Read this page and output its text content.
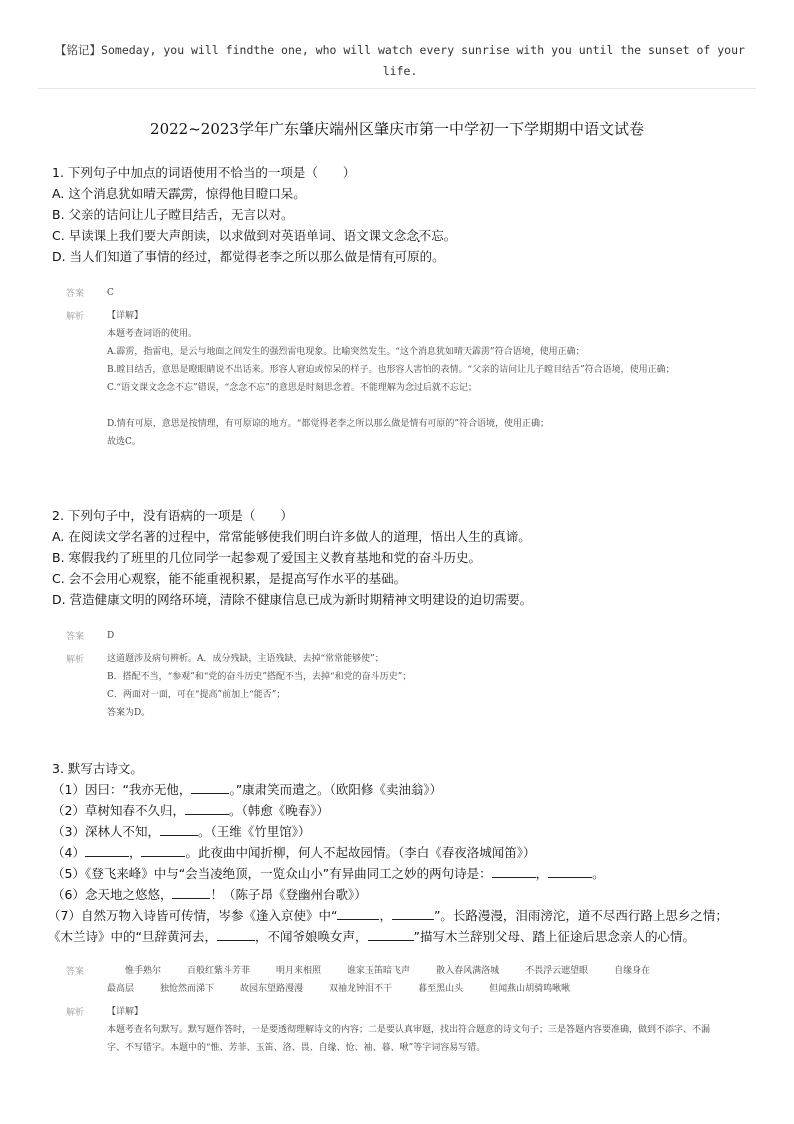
【铭记】Someday, you will findthe one, who will watch every sunrise with you until the sunset of your
life.
2022~2023学年广东肇庆端州区肇庆市第一中学初一下学期期中语文试卷
1. 下列句子中加点的词语使用不恰当的一项是（　　）
A. 这个消息犹如晴天霹雳，惊得他目瞪口呆。
B. 父亲的诘问让儿子瞠目结舌，无言以对。
C. 早读课上我们要大声朗读，以求做到对英语单词、语文课文念念不忘。
D. 当人们知道了事情的经过，都觉得老李之所以那么做是情有可原的。
答案	C
解析	【详解】
本题考查词语的使用。
A.霹雳，指雷电，是云与地面之间发生的强烈雷电现象。比喻突然发生。“这个消息犹如晴天霹雳”符合语境，使用正确；
B.瞠目结舌，意思是瞪眼睛说不出话来。形容人窘迫或惊呆的样子。也形容人害怕的表情。“父亲的诘问让儿子瞠目结舌”符合语境，使用正确；
C.“语文课文念念不忘”错误，“念念不忘”的意思是时刻思念着。不能理解为念过后就不忘记；
D.情有可原，意思是按情理，有可原谅的地方。“都觉得老李之所以那么做是情有可原的”符合语境，使用正确；
故选C。
2. 下列句子中，没有语病的一项是（　　）
A. 在阅读文学名著的过程中，常常能够使我们明白许多做人的道理，悟出人生的真谛。
B. 寒假我约了班里的几位同学一起参观了爱国主义教育基地和党的奋斗历史。
C. 会不会用心观察，能不能重视积累，是提高写作水平的基础。
D. 营造健康文明的网络环境，清除不健康信息已成为新时期精神文明建设的迫切需要。
答案	D
解析	这道题涉及病句辨析。A．成分残缺，主语残缺，去掉“常常能够使”；
B．搭配不当，“参观”和“党的奋斗历史”搭配不当，去掉“和党的奋斗历史”；
C．两面对一面，可在“提高”前加上“能否”；
答案为D。
3. 默写古诗文。
（1）因曰：“我亦无他，	。”康肃笑而遣之。（欧阳修《卖油翁》）
（2）草树知春不久归，	。（韩愈《晚春》）
（3）深林人不知，	。（王维《竹里馆》）
（4）	，	。此夜曲中闻折柳，何人不起故园情。（李白《春夜洛城闻笛》）
（5）《登飞来峰》中与“会当凌绝顶，一览众山小”有异曲同工之妙的两句诗是：	，	。
（6）念天地之悠悠，	！（陈子昂《登幽州台歌》）
（7）自然万物入诗皆可传情，岑参《逢入京使》中“	，	”。长路漫漫，泪雨滂沱，道不尽西行路上思乡之情；
《木兰诗》中的“旦辞黄河去，	，不闻爷娘唤女声，	”描写木兰辞别父母、踏上征途后思念亲人的心情。
答案	惟手熟尔	百般红紫斗芳菲	明月来相照	谁家玉笛暗飞声	散入春风满洛城	不畏浮云遮望眼	自缘身在
最高层	独怆然而涕下	故园东望路漫漫	双袖龙钟泪不干	暮至黑山头	但闻燕山胡骑鸣啾啾
解析	【详解】
本题考查名句默写。默写题作答时，一是要透彻理解诗文的内容；二是要认真审题，找出符合题意的诗文句子；三是答题内容要准确，做到不添字、不漏字、不写错字。本题中的“惟、芳菲、玉笛、洛、畏、自缘、怆、袖、暮、啾”等字词容易写错。
